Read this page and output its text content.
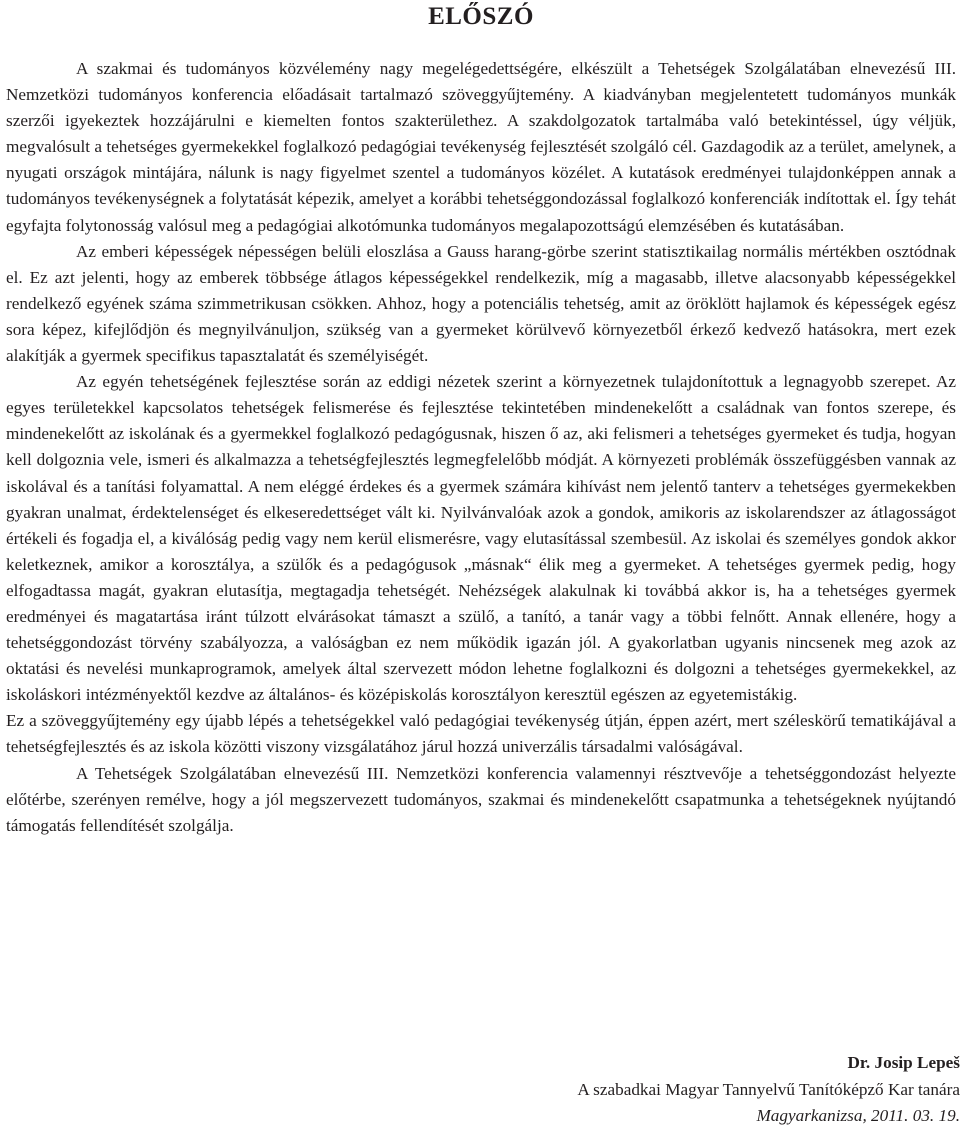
ELŐSZÓ

A szakmai és tudományos közvélemény nagy megelégedettségére, elkészült a Tehetségek Szolgálatában elnevezésű III. Nemzetközi tudományos konferencia előadásait tartalmazó szöveggyűjtemény. A kiadványban megjelentetett tudományos munkák szerzői igyekeztek hozzájárulni e kiemelten fontos szakterülethez. A szakdolgozatok tartalmába való betekintéssel, úgy véljük, megvalósult a tehetséges gyermekekkel foglalkozó pedagógiai tevékenység fejlesztését szolgáló cél. Gazdagodik az a terület, amelynek, a nyugati országok mintájára, nálunk is nagy figyelmet szentel a tudományos közélet. A kutatások eredményei tulajdonképpen annak a tudományos tevékenységnek a folytatását képezik, amelyet a korábbi tehetséggondozással foglalkozó konferenciák indítottak el. Így tehát egyfajta folytonosság valósul meg a pedagógiai alkotómunka tudományos megalapozottságú elemzésében és kutatásában.

Az emberi képességek népességen belüli eloszlása a Gauss harang-görbe szerint statisztikailag normális mértékben osztódnak el. Ez azt jelenti, hogy az emberek többsége átlagos képességekkel rendelkezik, míg a magasabb, illetve alacsonyabb képességekkel rendelkező egyének száma szimmetrikusan csökken. Ahhoz, hogy a potenciális tehetség, amit az öröklött hajlamok és képességek egész sora képez, kifejlődjön és megnyilvánuljon, szükség van a gyermeket körülvevő környezetből érkező kedvező hatásokra, mert ezek alakítják a gyermek specifikus tapasztalatát és személyiségét.

Az egyén tehetségének fejlesztése során az eddigi nézetek szerint a környezetnek tulajdonítottuk a legnagyobb szerepet. Az egyes területekkel kapcsolatos tehetségek felismerése és fejlesztése tekintetében mindenekelőtt a családnak van fontos szerepe, és mindenekelőtt az iskolának és a gyermekkel foglalkozó pedagógusnak, hiszen ő az, aki felismeri a tehetséges gyermeket és tudja, hogyan kell dolgoznia vele, ismeri és alkalmazza a tehetségfejlesztés legmegfelelőbb módját. A környezeti problémák összefüggésben vannak az iskolával és a tanítási folyamattal. A nem eléggé érdekes és a gyermek számára kihívást nem jelentő tanterv a tehetséges gyermekekben gyakran unalmat, érdektelenséget és elkeseredettséget vált ki. Nyilvánvalóak azok a gondok, amikoris az iskolarendszer az átlagosságot értékeli és fogadja el, a kiválóság pedig vagy nem kerül elismerésre, vagy elutasítással szembesül. Az iskolai és személyes gondok akkor keletkeznek, amikor a korosztálya, a szülők és a pedagógusok „másnak“ élik meg a gyermeket. A tehetséges gyermek pedig, hogy elfogadtassa magát, gyakran elutasítja, megtagadja tehetségét. Nehézségek alakulnak ki továbbá akkor is, ha a tehetséges gyermek eredményei és magatartása iránt túlzott elvárásokat támaszt a szülő, a tanító, a tanár vagy a többi felnőtt. Annak ellenére, hogy a tehetséggondozást törvény szabályozza, a valóságban ez nem működik igazán jól. A gyakorlatban ugyanis nincsenek meg azok az oktatási és nevelési munkaprogramok, amelyek által szervezett módon lehetne foglalkozni és dolgozni a tehetséges gyermekekkel, az iskoláskori intézményektől kezdve az általános- és középiskolás korosztályon keresztül egészen az egyetemistákig.

Ez a szöveggyűjtemény egy újabb lépés a tehetségekkel való pedagógiai tevékenység útján, éppen azért, mert széleskörű tematikájával a tehetségfejlesztés és az iskola közötti viszony vizsgálatához járul hozzá univerzális társadalmi valóságával.

A Tehetségek Szolgálatában elnevezésű III. Nemzetközi konferencia valamennyi résztvevője a tehetséggondozást helyezte előtérbe, szerényen remélve, hogy a jól megszervezett tudományos, szakmai és mindenekelőtt csapatmunka a tehetségeknek nyújtandó támogatás fellendítését szolgálja.

Dr. Josip Lepeš
A szabadkai Magyar Tannyelvű Tanítóképző Kar tanára
Magyarkanizsa, 2011. 03. 19.
